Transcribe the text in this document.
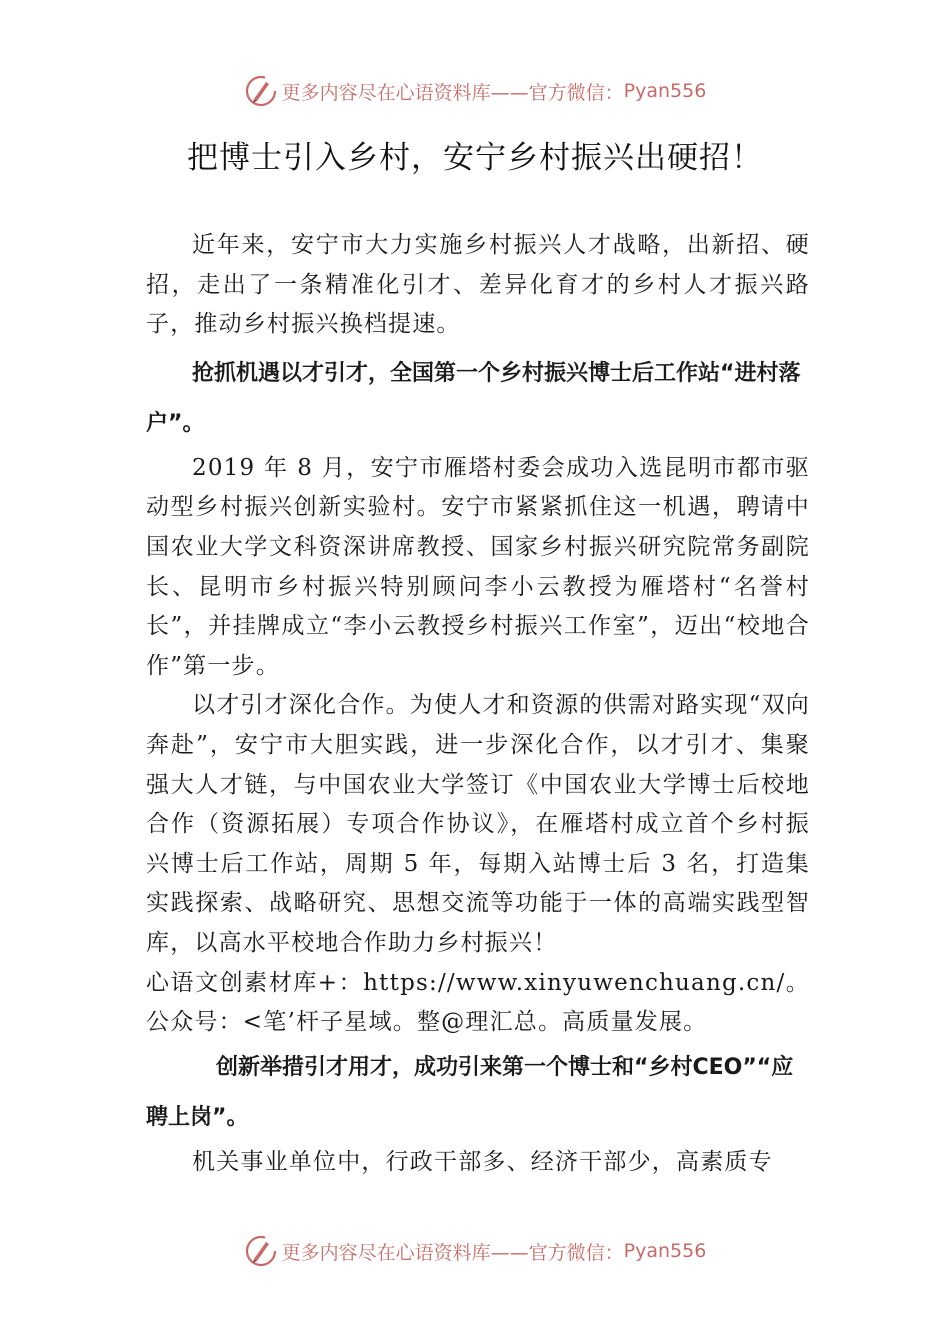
更多内容尽在心语资料库——官方微信： Pyan556
把博士引入乡村，安宁乡村振兴出硬招！

近年来，安宁市大力实施乡村振兴人才战略，出新招、硬招，走出了一条精准化引才、差异化育才的乡村人才振兴路子，推动乡村振兴换档提速。

抢抓机遇以才引才，全国第一个乡村振兴博士后工作站“进村落户”。

2019 年 8 月，安宁市雁塔村委会成功入选昆明市都市驱动型乡村振兴创新实验村。安宁市紧紧抓住这一机遇，聘请中国农业大学文科资深讲席教授、国家乡村振兴研究院常务副院长、昆明市乡村振兴特别顾问李小云教授为雁塔村“名誉村长”，并挂牌成立“李小云教授乡村振兴工作室”，迈出“校地合作”第一步。

以才引才深化合作。为使人才和资源的供需对路实现“双向奔赴”，安宁市大胆实践，进一步深化合作，以才引才、集聚强大人才链，与中国农业大学签订《中国农业大学博士后校地合作（资源拓展）专项合作协议》，在雁塔村成立首个乡村振兴博士后工作站，周期 5 年，每期入站博士后 3 名，打造集实践探索、战略研究、思想交流等功能于一体的高端实践型智库，以高水平校地合作助力乡村振兴！

心语文创素材库+：https://www.xinyuwenchuang.cn/。公众号：<笔’杆子星域。整@理汇总。高质量发展。

创新举措引才用才，成功引来第一个博士和“乡村CEO”“应聘上岗”。

机关事业单位中，行政干部多、经济干部少，高素质专

更多内容尽在心语资料库——官方微信： Pyan556
